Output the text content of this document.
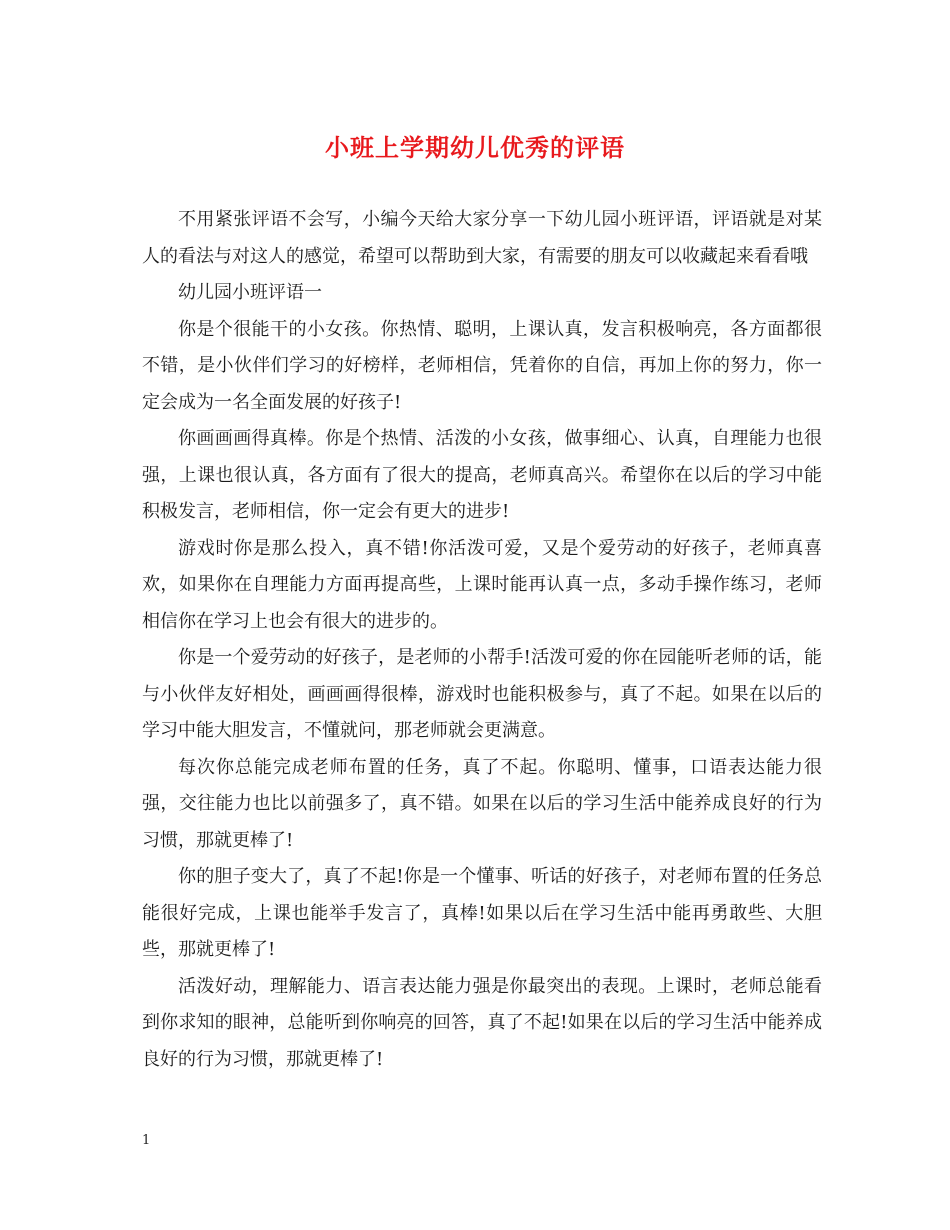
小班上学期幼儿优秀的评语

不用紧张评语不会写，小编今天给大家分享一下幼儿园小班评语，评语就是对某人的看法与对这人的感觉，希望可以帮助到大家，有需要的朋友可以收藏起来看看哦

幼儿园小班评语一

你是个很能干的小女孩。你热情、聪明，上课认真，发言积极响亮，各方面都很不错，是小伙伴们学习的好榜样，老师相信，凭着你的自信，再加上你的努力，你一定会成为一名全面发展的好孩子!

你画画画得真棒。你是个热情、活泼的小女孩，做事细心、认真，自理能力也很强，上课也很认真，各方面有了很大的提高，老师真高兴。希望你在以后的学习中能积极发言，老师相信，你一定会有更大的进步!

游戏时你是那么投入，真不错!你活泼可爱，又是个爱劳动的好孩子，老师真喜欢，如果你在自理能力方面再提高些，上课时能再认真一点，多动手操作练习，老师相信你在学习上也会有很大的进步的。

你是一个爱劳动的好孩子，是老师的小帮手!活泼可爱的你在园能听老师的话，能与小伙伴友好相处，画画画得很棒，游戏时也能积极参与，真了不起。如果在以后的学习中能大胆发言，不懂就问，那老师就会更满意。

每次你总能完成老师布置的任务，真了不起。你聪明、懂事，口语表达能力很强，交往能力也比以前强多了，真不错。如果在以后的学习生活中能养成良好的行为习惯，那就更棒了!

你的胆子变大了，真了不起!你是一个懂事、听话的好孩子，对老师布置的任务总能很好完成，上课也能举手发言了，真棒!如果以后在学习生活中能再勇敢些、大胆些，那就更棒了!

活泼好动，理解能力、语言表达能力强是你最突出的表现。上课时，老师总能看到你求知的眼神，总能听到你响亮的回答，真了不起!如果在以后的学习生活中能养成良好的行为习惯，那就更棒了!

1
